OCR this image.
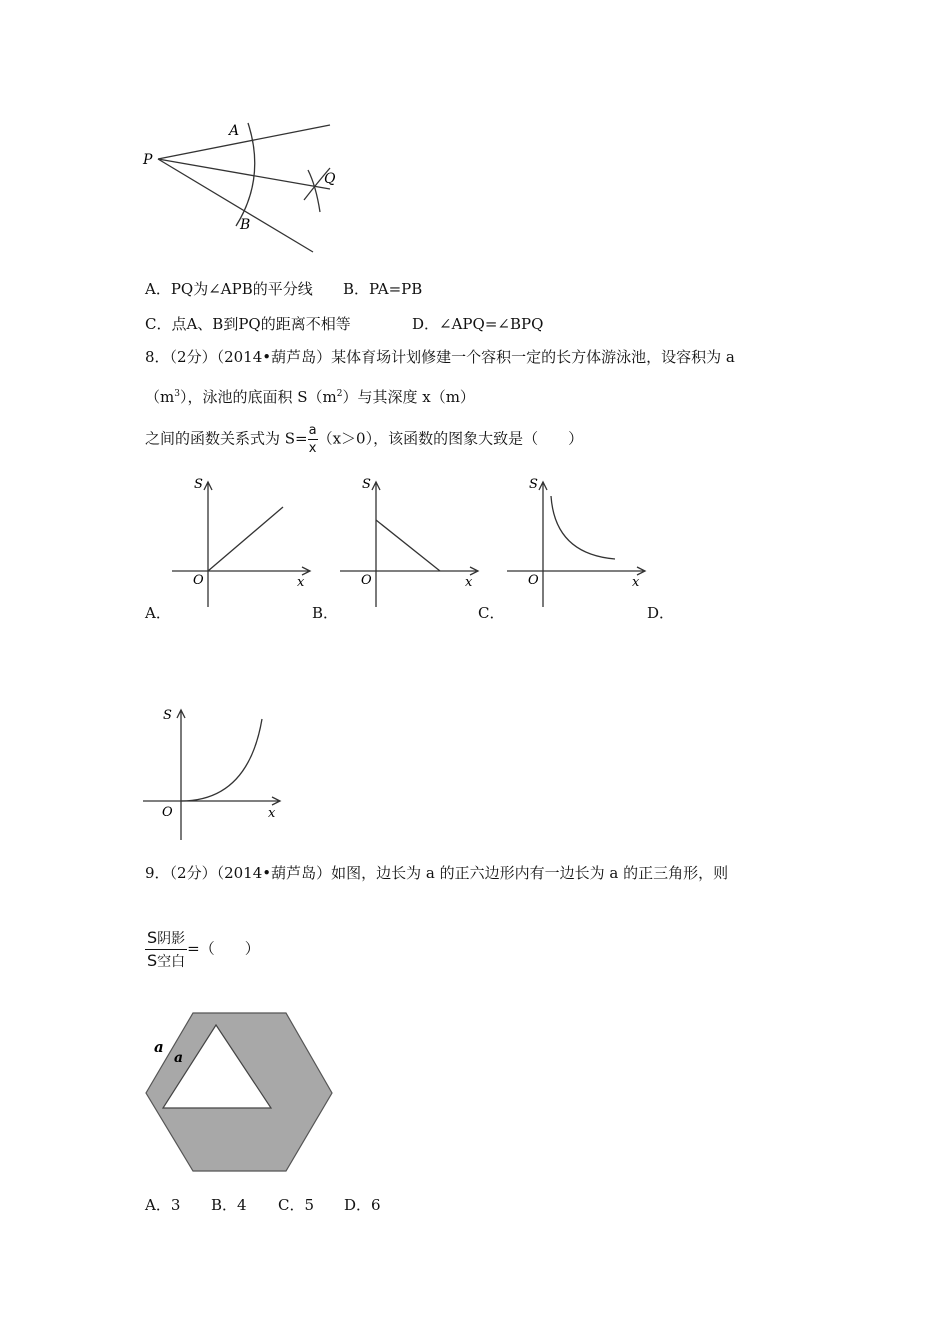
P
A
B
Q
A．PQ为∠APB的平分线 B．PA=PB
C．点A、B到PQ的距离不相等	D．∠APQ=∠BPQ
8．（2分）（2014•葫芦岛）某体育场计划修建一个容积一定的长方体游泳池，设容积为 a
$(m^3)$，泳池的底面积 $S(m^2)$与其深度 x（m）
之间的函数关系式为 $S= \frac{a}{x} (x>0)$，该函数的图象大致是（　　）
S
x
O
A．
S
x
O
B．
S
x
O
C．	D．
S
x
O
9．（2分）（2014•葫芦岛）如图，边长为 a 的正六边形内有一边长为 a 的正三角形，则
$\frac{\text{S阴影}}{\text{S空白}}$ =（　　）
a
a
A．3 B．4 C．5 D．6
